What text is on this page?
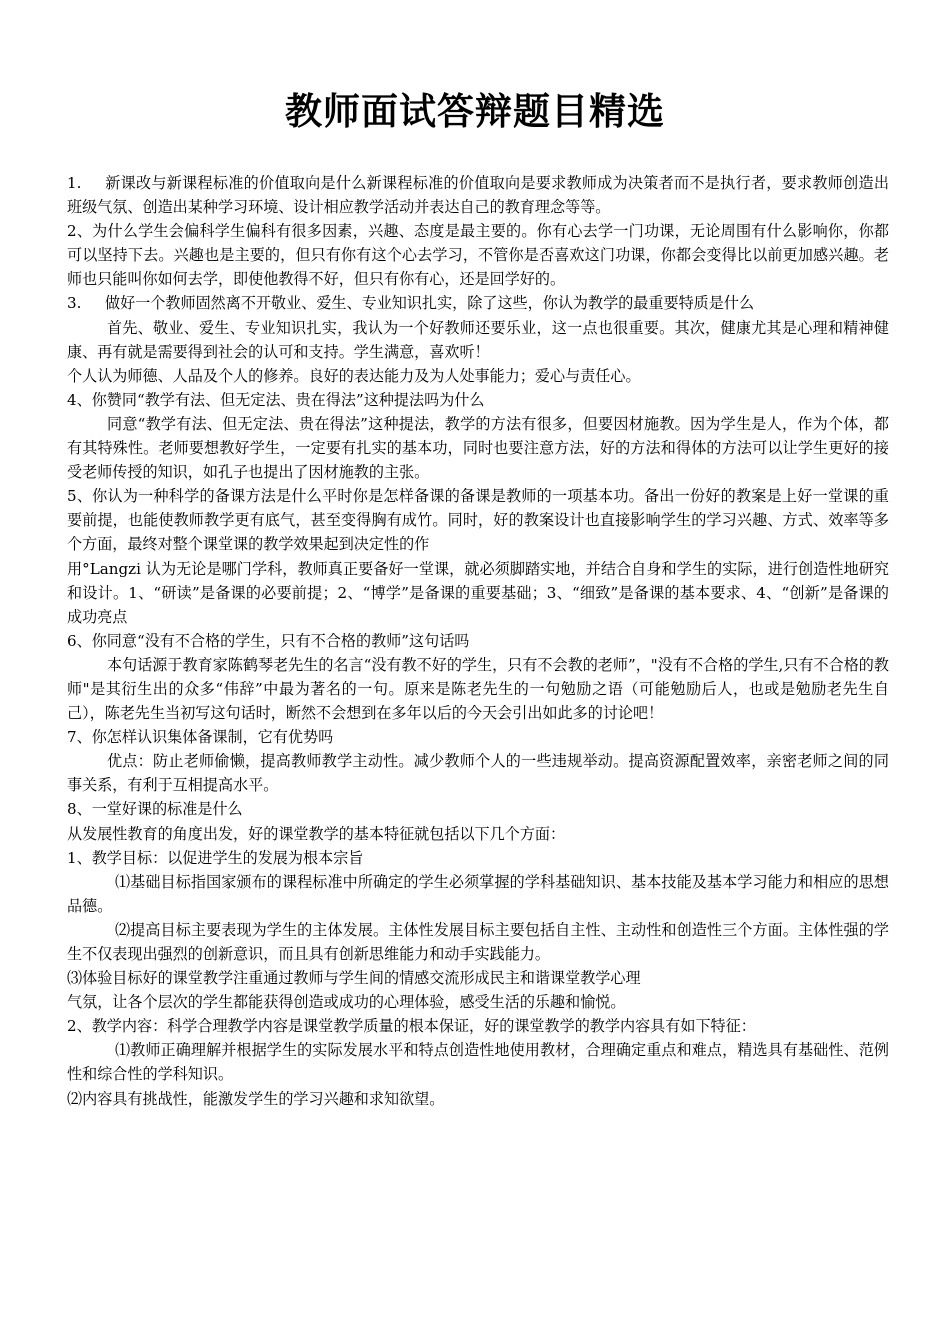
教师面试答辩题目精选

1. 新课改与新课程标准的价值取向是什么新课程标准的价值取向是要求教师成为决策者而不是执行者，要求教师创造出班级气氛、创造出某种学习环境、设计相应教学活动并表达自己的教育理念等等。

2、为什么学生会偏科学生偏科有很多因素，兴趣、态度是最主要的。你有心去学一门功课，无论周围有什么影响你，你都可以坚持下去。兴趣也是主要的，但只有你有这个心去学习，不管你是否喜欢这门功课，你都会变得比以前更加感兴趣。老师也只能叫你如何去学，即使他教得不好，但只有你有心，还是回学好的。

3. 做好一个教师固然离不开敬业、爱生、专业知识扎实，除了这些，你认为教学的最重要特质是什么

首先、敬业、爱生、专业知识扎实，我认为一个好教师还要乐业，这一点也很重要。其次，健康尤其是心理和精神健康、再有就是需要得到社会的认可和支持。学生满意，喜欢听！

个人认为师德、人品及个人的修养。良好的表达能力及为人处事能力；爱心与责任心。

4、你赞同“教学有法、但无定法、贵在得法”这种提法吗为什么

同意“教学有法、但无定法、贵在得法”这种提法，教学的方法有很多，但要因材施教。因为学生是人，作为个体，都有其特殊性。老师要想教好学生，一定要有扎实的基本功，同时也要注意方法，好的方法和得体的方法可以让学生更好的接受老师传授的知识，如孔子也提出了因材施教的主张。

5、你认为一种科学的备课方法是什么平时你是怎样备课的备课是教师的一项基本功。备出一份好的教案是上好一堂课的重要前提，也能使教师教学更有底气，甚至变得胸有成竹。同时，好的教案设计也直接影响学生的学习兴趣、方式、效率等多个方面，最终对整个课堂课的教学效果起到决定性的作

用°Langzi 认为无论是哪门学科，教师真正要备好一堂课，就必须脚踏实地，并结合自身和学生的实际，进行创造性地研究和设计。1、“研读”是备课的必要前提；2、“博学”是备课的重要基础；3、“细致”是备课的基本要求、4、“创新”是备课的成功亮点

6、你同意“没有不合格的学生，只有不合格的教师”这句话吗

本句话源于教育家陈鹤琴老先生的名言“没有教不好的学生，只有不会教的老师”，"没有不合格的学生,只有不合格的教师"是其衍生出的众多“伟辞”中最为著名的一句。原来是陈老先生的一句勉励之语（可能勉励后人，也或是勉励老先生自己），陈老先生当初写这句话时，断然不会想到在多年以后的今天会引出如此多的讨论吧！

7、你怎样认识集体备课制，它有优势吗

优点：防止老师偷懒，提高教师教学主动性。减少教师个人的一些违规举动。提高资源配置效率，亲密老师之间的同事关系，有利于互相提高水平。

8、一堂好课的标准是什么

从发展性教育的角度出发，好的课堂教学的基本特征就包括以下几个方面：

1、教学目标：以促进学生的发展为根本宗旨

⑴基础目标指国家颁布的课程标准中所确定的学生必须掌握的学科基础知识、基本技能及基本学习能力和相应的思想品德。

⑵提高目标主要表现为学生的主体发展。主体性发展目标主要包括自主性、主动性和创造性三个方面。主体性强的学生不仅表现出强烈的创新意识，而且具有创新思维能力和动手实践能力。

⑶体验目标好的课堂教学注重通过教师与学生间的情感交流形成民主和谐课堂教学心理

气氛，让各个层次的学生都能获得创造或成功的心理体验，感受生活的乐趣和愉悦。

2、教学内容：科学合理教学内容是课堂教学质量的根本保证，好的课堂教学的教学内容具有如下特征：

⑴教师正确理解并根据学生的实际发展水平和特点创造性地使用教材，合理确定重点和难点，精选具有基础性、范例性和综合性的学科知识。

⑵内容具有挑战性，能激发学生的学习兴趣和求知欲望。
